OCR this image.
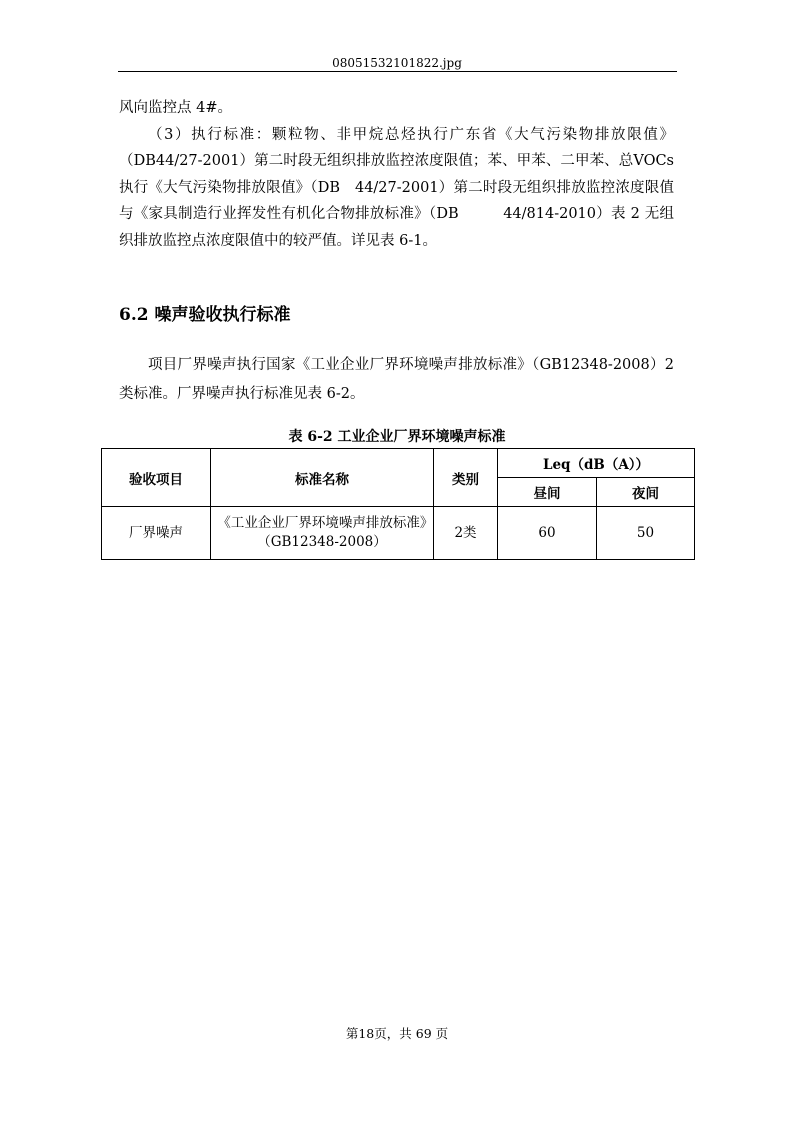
08051532101822.jpg

风向监控点 4#。

（3）执行标准：颗粒物、非甲烷总烃执行广东省《大气污染物排放限值》（DB44/27-2001）第二时段无组织排放监控浓度限值；苯、甲苯、二甲苯、总VOCs执行《大气污染物排放限值》（DB　44/27-2001）第二时段无组织排放监控浓度限值与《家具制造行业挥发性有机化合物排放标准》（DB　　　44/814-2010）表 2 无组织排放监控点浓度限值中的较严值。详见表 6-1。

6.2 噪声验收执行标准

项目厂界噪声执行国家《工业企业厂界环境噪声排放标准》（GB12348-2008）2 类标准。厂界噪声执行标准见表 6-2。

表 6-2 工业企业厂界环境噪声标准
验收项目	标准名称	类别	Leq（dB（A））	
			昼间	夜间
厂界噪声	《工业企业厂界环境噪声排放标准》（GB12348-2008）	2类	60	50
第18页，共 69 页
